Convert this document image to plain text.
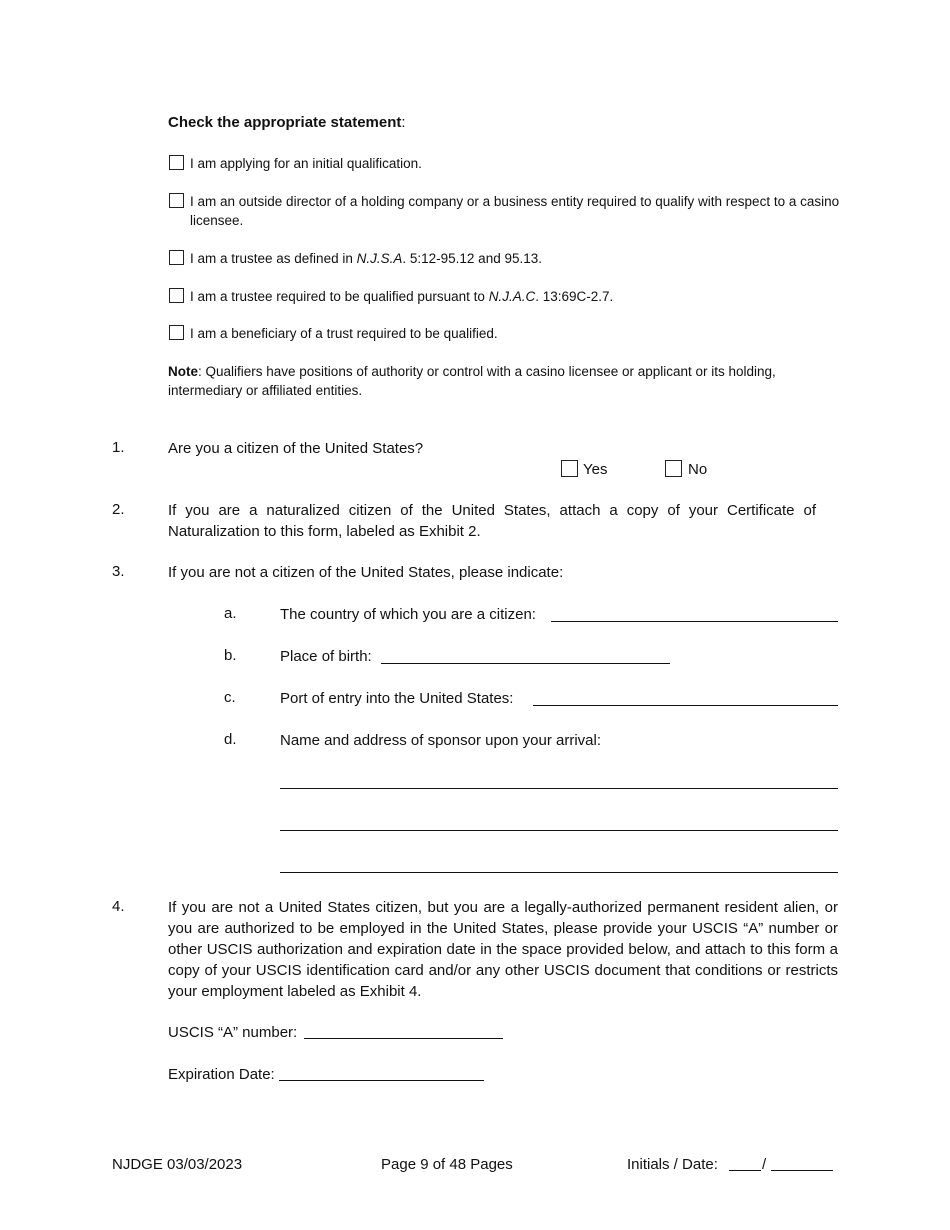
Check the appropriate statement:
I am applying for an initial qualification.
I am an outside director of a holding company or a business entity required to qualify with respect to a casino licensee.
I am a trustee as defined in N.J.S.A. 5:12-95.12 and 95.13.
I am a trustee required to be qualified pursuant to N.J.A.C. 13:69C-2.7.
I am a beneficiary of a trust required to be qualified.
Note: Qualifiers have positions of authority or control with a casino licensee or applicant or its holding, intermediary or affiliated entities.
1.	Are you a citizen of the United States?
Yes	No
2.	If you are a naturalized citizen of the United States, attach a copy of your Certificate of Naturalization to this form, labeled as Exhibit 2.
3.	If you are not a citizen of the United States, please indicate:
a.	The country of which you are a citizen:
b.	Place of birth:
c.	Port of entry into the United States:
d.	Name and address of sponsor upon your arrival:
4.	If you are not a United States citizen, but you are a legally-authorized permanent resident alien, or you are authorized to be employed in the United States, please provide your USCIS “A” number or other USCIS authorization and expiration date in the space provided below, and attach to this form a copy of your USCIS identification card and/or any other USCIS document that conditions or restricts your employment labeled as Exhibit 4.
USCIS “A” number:
Expiration Date:
NJDGE 03/03/2023	Page 9 of 48 Pages	Initials / Date:	/
